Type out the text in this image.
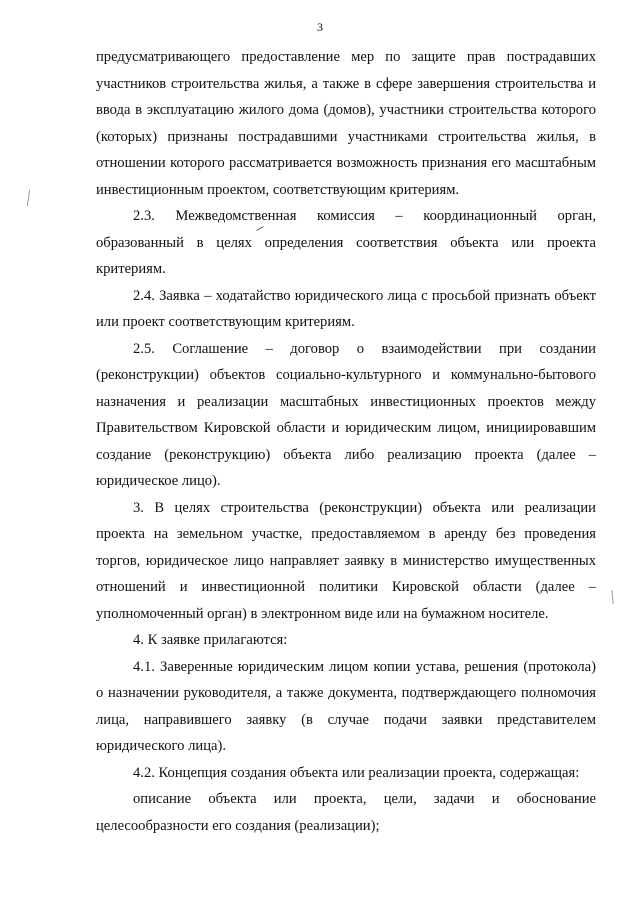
3

предусматривающего предоставление мер по защите прав пострадавших участников строительства жилья, а также в сфере завершения строительства и ввода в эксплуатацию жилого дома (домов), участники строительства которого (которых) признаны пострадавшими участниками строительства жилья, в отношении которого рассматривается возможность признания его масштабным инвестиционным проектом, соответствующим критериям.

2.3. Межведомственная комиссия – координационный орган, образованный в целях определения соответствия объекта или проекта критериям.

2.4. Заявка – ходатайство юридического лица с просьбой признать объект или проект соответствующим критериям.

2.5. Соглашение – договор о взаимодействии при создании (реконструкции) объектов социально-культурного и коммунально-бытового назначения и реализации масштабных инвестиционных проектов между Правительством Кировской области и юридическим лицом, инициировавшим создание (реконструкцию) объекта либо реализацию проекта (далее – юридическое лицо).

3. В целях строительства (реконструкции) объекта или реализации проекта на земельном участке, предоставляемом в аренду без проведения торгов, юридическое лицо направляет заявку в министерство имущественных отношений и инвестиционной политики Кировской области (далее – уполномоченный орган) в электронном виде или на бумажном носителе.

4. К заявке прилагаются:

4.1. Заверенные юридическим лицом копии устава, решения (протокола) о назначении руководителя, а также документа, подтверждающего полномочия лица, направившего заявку (в случае подачи заявки представителем юридического лица).

4.2. Концепция создания объекта или реализации проекта, содержащая:

описание объекта или проекта, цели, задачи и обоснование целесообразности его создания (реализации);
